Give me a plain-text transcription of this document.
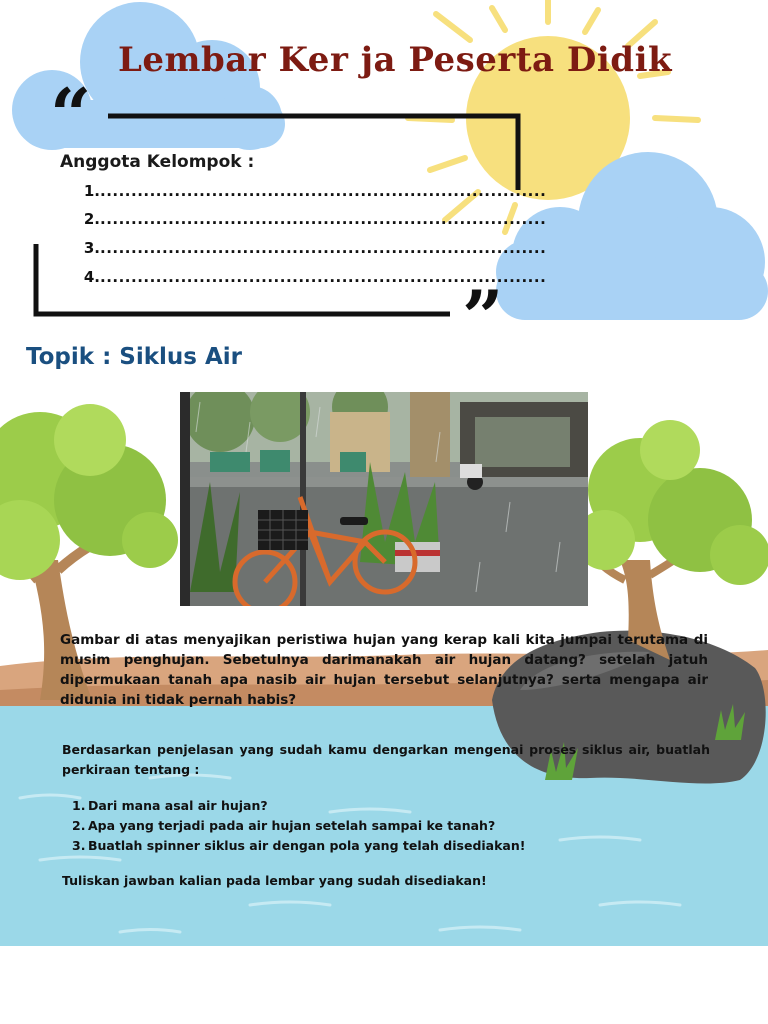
“
”
Lembar Ker ja Peserta Didik
Anggota Kelompok :
1.........................................................................
2.........................................................................
3.........................................................................
4.........................................................................
Topik : Siklus Air
Gambar di atas menyajikan peristiwa hujan yang kerap kali kita jumpai terutama di musim penghujan. Sebetulnya darimanakah air hujan datang? setelah jatuh dipermukaan tanah apa nasib air hujan tersebut selanjutnya? serta mengapa air didunia ini tidak pernah habis?
Berdasarkan penjelasan yang sudah kamu dengarkan mengenai proses siklus air, buatlah perkiraan tentang :
1. Dari mana asal air hujan?
2. Apa yang terjadi pada air hujan setelah sampai ke tanah?
3. Buatlah spinner siklus air dengan pola yang telah disediakan!
Tuliskan jawban kalian pada lembar yang sudah disediakan!
